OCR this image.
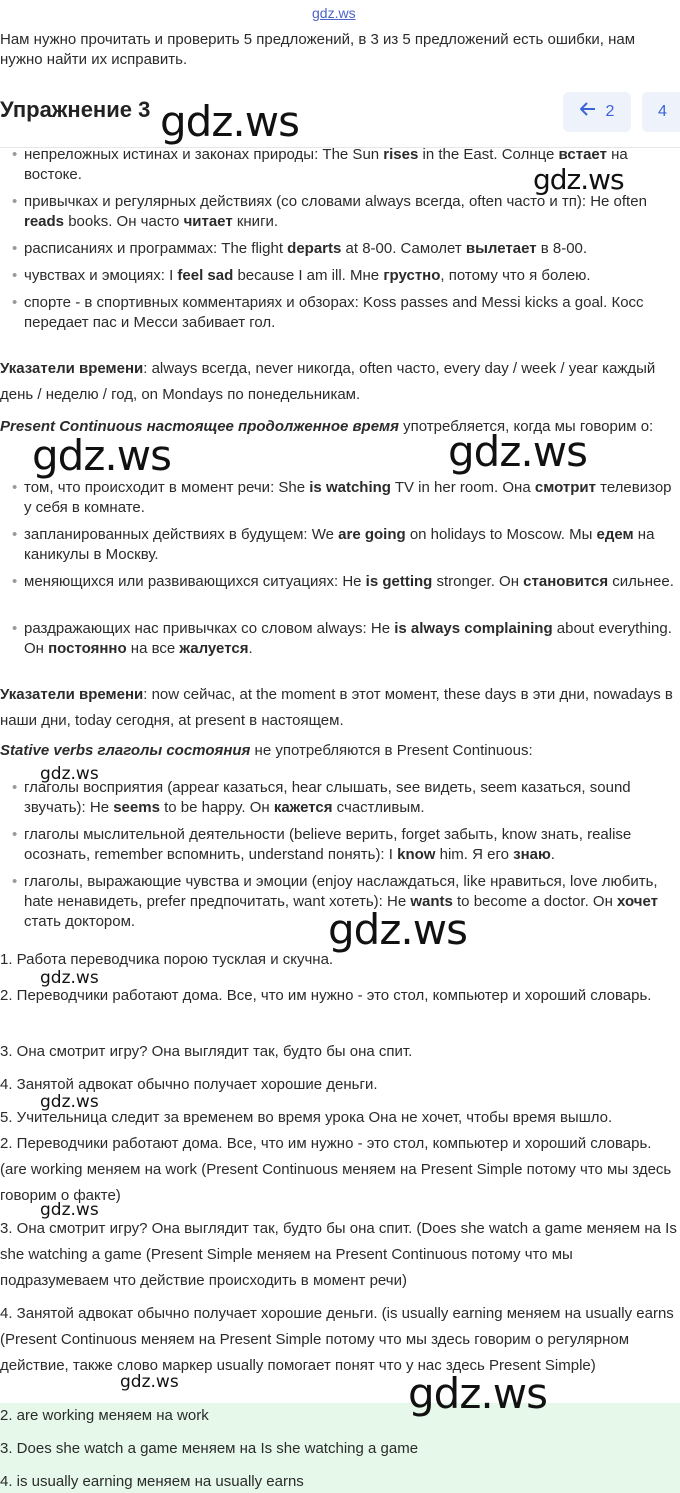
gdz.ws
Нам нужно прочитать и проверить 5 предложений, в 3 из 5 предложений есть ошибки, нам нужно найти их исправить.
Упражнение 3	2	4
• непреложных истинах и законах природы: The Sun rises in the East. Солнце встает на востоке.
• привычках и регулярных действиях (со словами always всегда, often часто и тп): He often reads books. Он часто читает книги.
• расписаниях и программах: The flight departs at 8-00. Самолет вылетает в 8-00.
• чувствах и эмоциях: I feel sad because I am ill. Мне грустно, потому что я болею.
• спорте - в спортивных комментариях и обзорах: Koss passes and Messi kicks a goal. Косс передает пас и Месси забивает гол.
Указатели времени: always всегда, never никогда, often часто, every day / week / year каждый день / неделю / год, on Mondays по понедельникам.
Present Continuous настоящее продолженное время употребляется, когда мы говорим о:
• том, что происходит в момент речи: She is watching TV in her room. Она смотрит телевизор у себя в комнате.
• запланированных действиях в будущем: We are going on holidays to Moscow. Мы едем на каникулы в Москву.
• меняющихся или развивающихся ситуациях: He is getting stronger. Он становится сильнее.
• раздражающих нас привычках со словом always: He is always complaining about everything. Он постоянно на все жалуется.
Указатели времени: now сейчас, at the moment в этот момент, these days в эти дни, nowadays в наши дни, today сегодня, at present в настоящем.
Stative verbs глаголы состояния не употребляются в Present Continuous:
• глаголы восприятия (appear казаться, hear слышать, see видеть, seem казаться, sound звучать): He seems to be happy. Он кажется счастливым.
• глаголы мыслительной деятельности (believe верить, forget забыть, know знать, realise осознать, remember вспомнить, understand понять): I know him. Я его знаю.
• глаголы, выражающие чувства и эмоции (enjoy наслаждаться, like нравиться, love любить, hate ненавидеть, prefer предпочитать, want хотеть): He wants to become a doctor. Он хочет стать доктором.
1. Работа переводчика порою тусклая и скучна.
2. Переводчики работают дома. Все, что им нужно - это стол, компьютер и хороший словарь.
3. Она смотрит игру? Она выглядит так, будто бы она спит.
4. Занятой адвокат обычно получает хорошие деньги.
5. Учительница следит за временем во время урока Она не хочет, чтобы время вышло.
2. Переводчики работают дома. Все, что им нужно - это стол, компьютер и хороший словарь. (are working меняем на work (Present Continuous меняем на Present Simple потому что мы здесь говорим о факте)
3. Она смотрит игру? Она выглядит так, будто бы она спит. (Does she watch a game меняем на Is she watching a game (Present Simple меняем на Present Continuous потому что мы подразумеваем что действие происходить в момент речи)
4. Занятой адвокат обычно получает хорошие деньги. (is usually earning меняем на usually earns (Present Continuous меняем на Present Simple потому что мы здесь говорим о регулярном действие, также слово маркер usually помогает понят что у нас здесь Present Simple)
2. are working меняем на work
3. Does she watch a game меняем на Is she watching a game
4. is usually earning меняем на usually earns
gdz.ws
gdz.ws
gdz.ws	gdz.ws
gdz.ws
gdz.ws
gdz.ws
gdz.ws
gdz.ws
gdz.ws	gdz.ws
